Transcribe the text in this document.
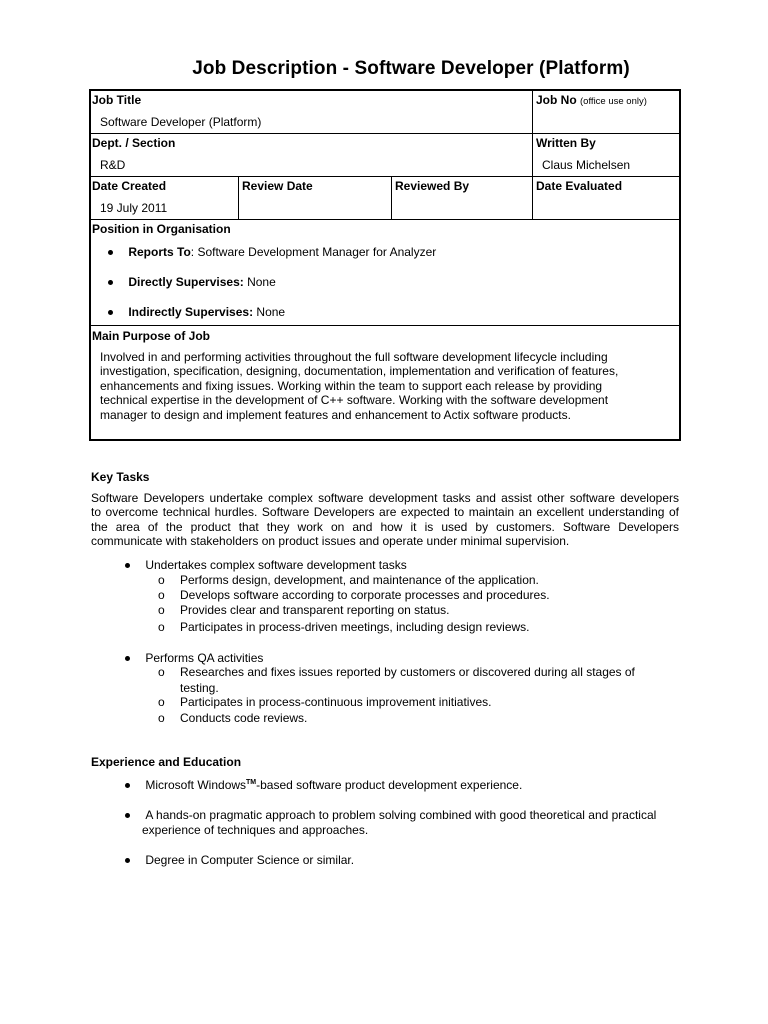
Job Description - Software Developer (Platform)
Job Title
Software Developer (Platform)
Job No (office use only)
Dept. / Section
R&D
Written By
Claus Michelsen
Date Created
19 July 2011
Review Date	Reviewed By	Date Evaluated
Position in Organisation
Reports To: Software Development Manager for Analyzer
Directly Supervises: None
Indirectly Supervises: None
Main Purpose of Job
Involved in and performing activities throughout the full software development lifecycle including
investigation, specification, designing, documentation, implementation and verification of features,
enhancements and fixing issues. Working within the team to support each release by providing
technical expertise in the development of C++ software. Working with the software development
manager to design and implement features and enhancement to Actix software products.
Key Tasks
Software Developers undertake complex software development tasks and assist other software developers
to overcome technical hurdles. Software Developers are expected to maintain an excellent understanding of
the area of the product that they work on and how it is used by customers. Software Developers
communicate with stakeholders on product issues and operate under minimal supervision.
Undertakes complex software development tasks
o Performs design, development, and maintenance of the application.
o Develops software according to corporate processes and procedures.
o Provides clear and transparent reporting on status.
o Participates in process-driven meetings, including design reviews.
Performs QA activities
o Researches and fixes issues reported by customers or discovered during all stages of
testing.
o Participates in process-continuous improvement initiatives.
o Conducts code reviews.
Experience and Education
Microsoft Windows™-based software product development experience.
A hands-on pragmatic approach to problem solving combined with good theoretical and practical
experience of techniques and approaches.
Degree in Computer Science or similar.
